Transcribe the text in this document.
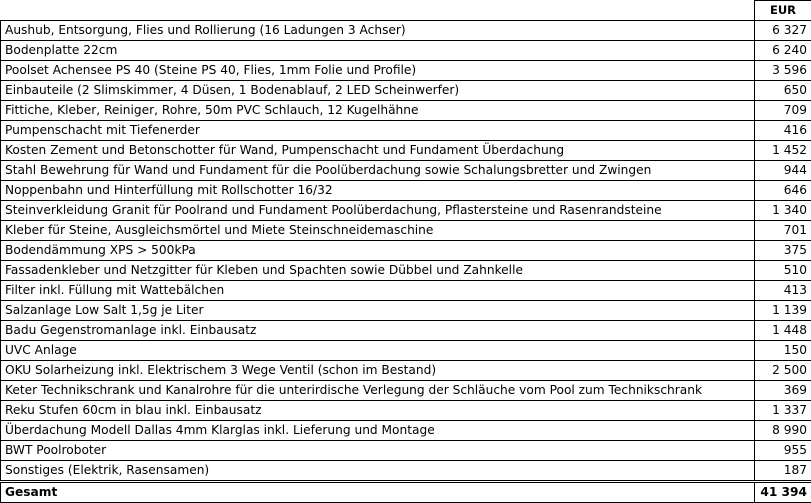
	EUR
Aushub, Entsorgung, Flies und Rollierung (16 Ladungen 3 Achser)	6 327
Bodenplatte 22cm	6 240
Poolset Achensee PS 40 (Steine PS 40, Flies, 1mm Folie und Profile)	3 596
Einbauteile (2 Slimskimmer, 4 Düsen, 1 Bodenablauf, 2 LED Scheinwerfer)	650
Fittiche, Kleber, Reiniger, Rohre, 50m PVC Schlauch, 12 Kugelhähne	709
Pumpenschacht mit Tiefenerder	416
Kosten Zement und Betonschotter für Wand, Pumpenschacht und Fundament Überdachung	1 452
Stahl Bewehrung für Wand und Fundament für die Poolüberdachung sowie Schalungsbretter und Zwingen	944
Noppenbahn und Hinterfüllung mit Rollschotter 16/32	646
Steinverkleidung Granit für Poolrand und Fundament Poolüberdachung, Pflastersteine und Rasenrandsteine	1 340
Kleber für Steine, Ausgleichsmörtel und Miete Steinschneidemaschine	701
Bodendämmung XPS > 500kPa	375
Fassadenkleber und Netzgitter für Kleben und Spachten sowie Dübbel und Zahnkelle	510
Filter inkl. Füllung mit Wattebälchen	413
Salzanlage Low Salt 1,5g je Liter	1 139
Badu Gegenstromanlage inkl. Einbausatz	1 448
UVC Anlage	150
OKU Solarheizung inkl. Elektrischem 3 Wege Ventil (schon im Bestand)	2 500
Keter Technikschrank und Kanalrohre für die unterirdische Verlegung der Schläuche vom Pool zum Technikschrank	369
Reku Stufen 60cm in blau inkl. Einbausatz	1 337
Überdachung Modell Dallas 4mm Klarglas inkl. Lieferung und Montage	8 990
BWT Poolroboter	955
Sonstiges (Elektrik, Rasensamen)	187
Gesamt	41 394
